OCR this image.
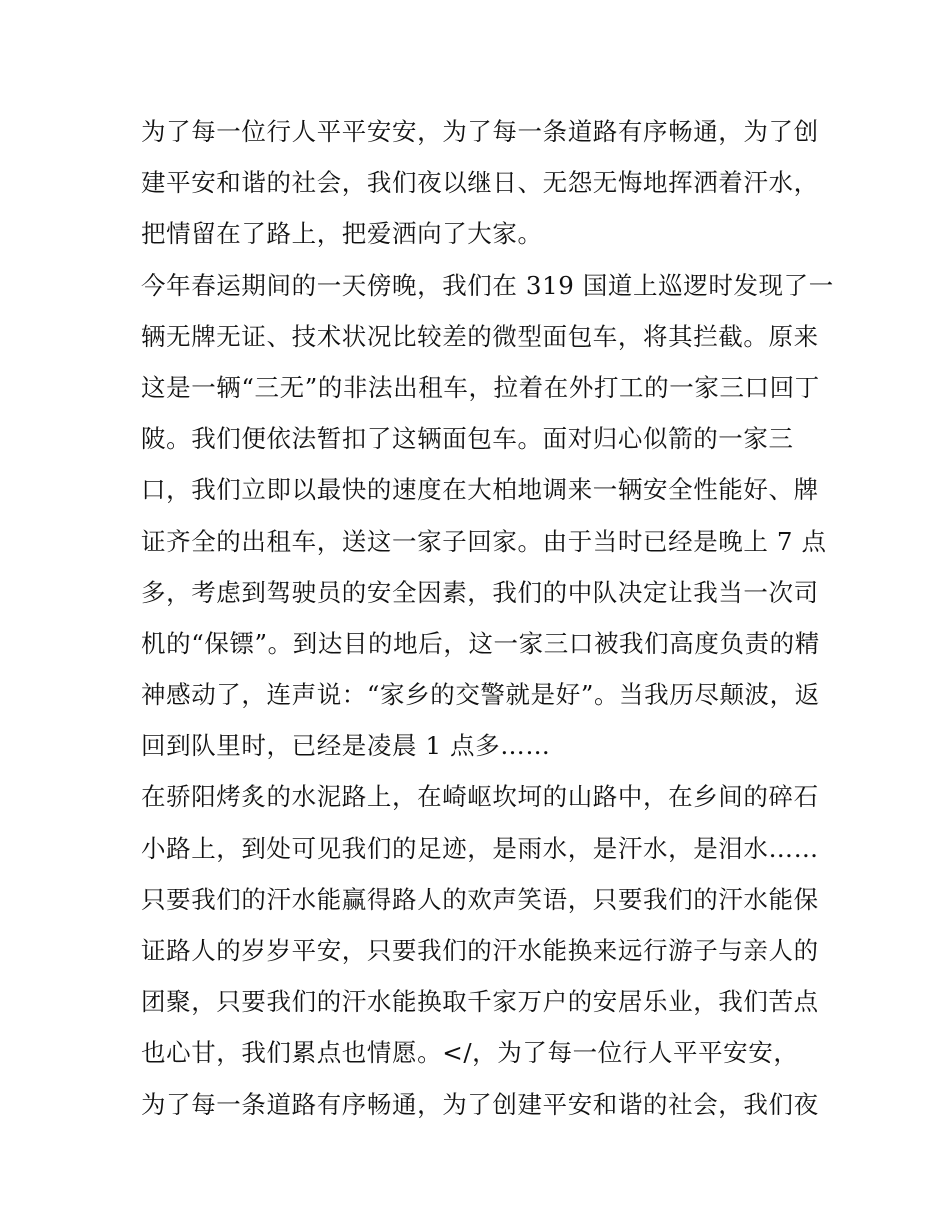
为了每一位行人平平安安，为了每一条道路有序畅通，为了创
建平安和谐的社会，我们夜以继日、无怨无悔地挥洒着汗水，
把情留在了路上，把爱洒向了大家。
今年春运期间的一天傍晚，我们在 319 国道上巡逻时发现了一
辆无牌无证、技术状况比较差的微型面包车，将其拦截。原来
这是一辆“三无”的非法出租车，拉着在外打工的一家三口回丁
陂。我们便依法暂扣了这辆面包车。面对归心似箭的一家三
口，我们立即以最快的速度在大柏地调来一辆安全性能好、牌
证齐全的出租车，送这一家子回家。由于当时已经是晚上 7 点
多，考虑到驾驶员的安全因素，我们的中队决定让我当一次司
机的“保镖”。到达目的地后，这一家三口被我们高度负责的精
神感动了，连声说：“家乡的交警就是好”。当我历尽颠波，返
回到队里时，已经是凌晨 1 点多……
在骄阳烤炙的水泥路上，在崎岖坎坷的山路中，在乡间的碎石
小路上，到处可见我们的足迹，是雨水，是汗水，是泪水……
只要我们的汗水能赢得路人的欢声笑语，只要我们的汗水能保
证路人的岁岁平安，只要我们的汗水能换来远行游子与亲人的
团聚，只要我们的汗水能换取千家万户的安居乐业，我们苦点
也心甘，我们累点也情愿。</，为了每一位行人平平安安，
为了每一条道路有序畅通，为了创建平安和谐的社会，我们夜
